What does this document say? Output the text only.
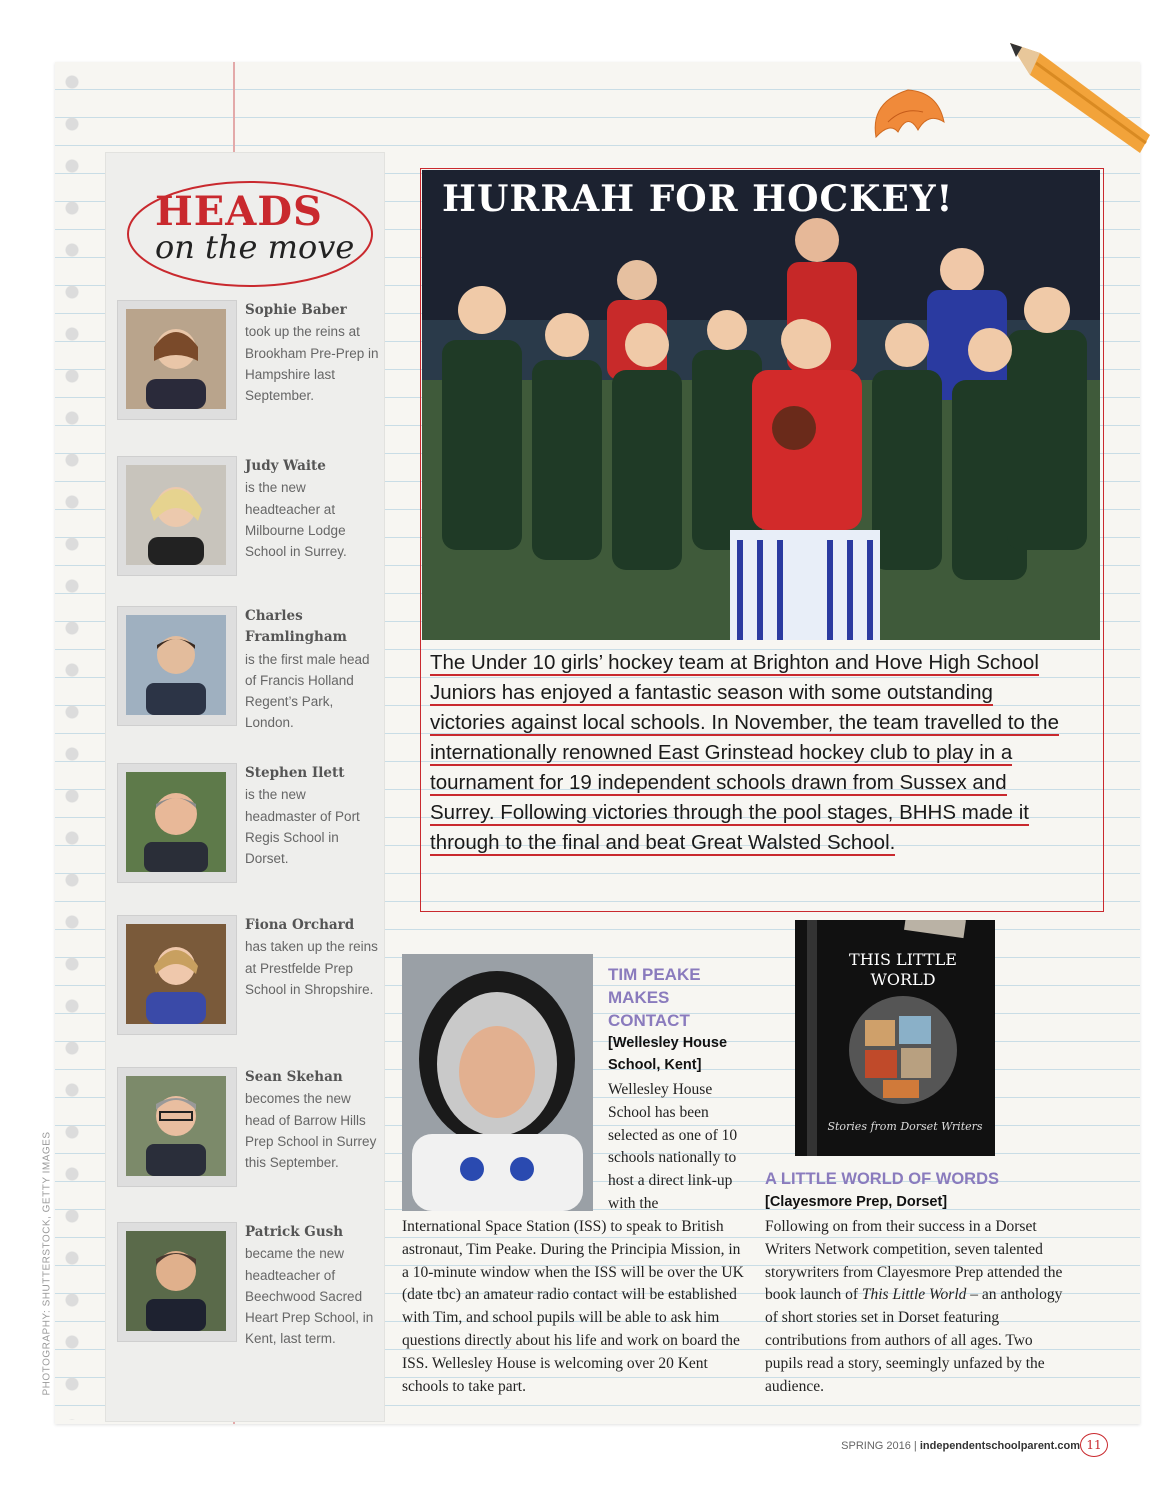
HEADS
on the move
Sophie Baber
took up the reins at Brookham Pre-Prep in Hampshire last September.
Judy Waite
is the new headteacher at Milbourne Lodge School in Surrey.
Charles Framlingham
is the first male head of Francis Holland Regent’s Park, London.
Stephen Ilett
is the new headmaster of Port Regis School in Dorset.
Fiona Orchard
has taken up the reins at Prestfelde Prep School in Shropshire.
Sean Skehan
becomes the new head of Barrow Hills Prep School in Surrey this September.
Patrick Gush
became the new headteacher of Beechwood Sacred Heart Prep School, in Kent, last term.
HURRAH FOR HOCKEY!
The Under 10 girls’ hockey team at Brighton and Hove High School Juniors has enjoyed a fantastic season with some outstanding victories against local schools. In November, the team travelled to the internationally renowned East Grinstead hockey club to play in a tournament for 19 independent schools drawn from Sussex and Surrey. Following victories through the pool stages, BHHS made it through to the final and beat Great Walsted School.
TIM PEAKE MAKES CONTACT
[Wellesley House School, Kent]
Wellesley House School has been selected as one of 10 schools nationally to host a direct link-up with the
International Space Station (ISS) to speak to British astronaut, Tim Peake. During the Principia Mission, in a 10-minute window when the ISS will be over the UK (date tbc) an amateur radio contact will be established with Tim, and school pupils will be able to ask him questions directly about his life and work on board the ISS. Wellesley House is welcoming over 20 Kent schools to take part.
THIS LITTLE WORLD
Stories from Dorset Writers
A LITTLE WORLD OF WORDS
[Clayesmore Prep, Dorset]
Following on from their success in a Dorset Writers Network competition, seven talented storywriters from Clayesmore Prep attended the book launch of This Little World – an anthology of short stories set in Dorset featuring contributions from authors of all ages. Two pupils read a story, seemingly unfazed by the audience.
PHOTOGRAPHY: SHUTTERSTOCK, GETTY IMAGES
SPRING 2016 | independentschoolparent.com 11
